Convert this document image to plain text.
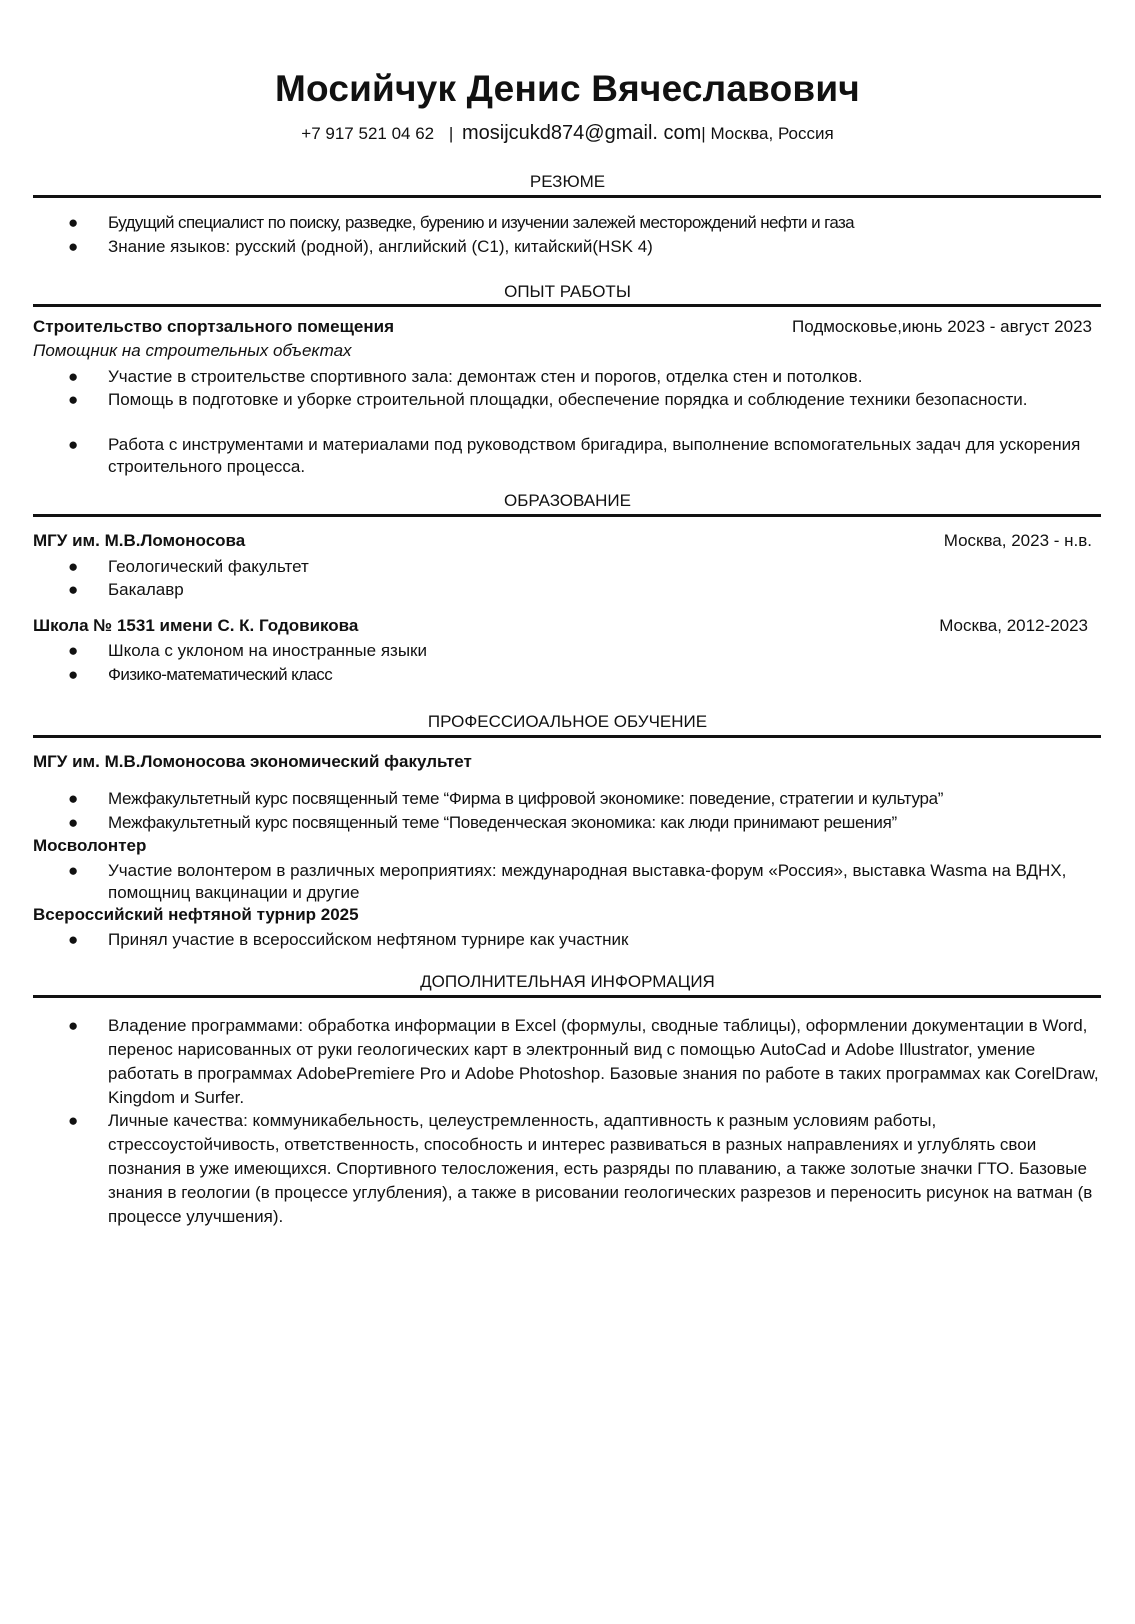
Мосийчук Денис Вячеславович
+7 917 521 04 62 | mosijcukd874@gmail. com| Москва, Россия
РЕЗЮМЕ
●	Будущий специалист по поиску, разведке, бурению и изучении залежей месторождений нефти и газа
●	Знание языков: русский (родной), английский (С1), китайский(HSK 4)
ОПЫТ РАБОТЫ
Строительство спортзального помещения	Подмосковье,июнь 2023 - август 2023
Помощник на строительных объектах
●	Участие в строительстве спортивного зала: демонтаж стен и порогов, отделка стен и потолков.
●	Помощь в подготовке и уборке строительной площадки, обеспечение порядка и соблюдение техники безопасности.
●	Работа с инструментами и материалами под руководством бригадира, выполнение вспомогательных задач для ускорения строительного процесса.
ОБРАЗОВАНИЕ
МГУ им. М.В.Ломоносова	Москва, 2023 - н.в.
●	Геологический факультет
●	Бакалавр
Школа № 1531 имени С. К. Годовикова	Москва, 2012-2023
●	Школа с уклоном на иностранные языки
●	Физико-математический класс
ПРОФЕССИОАЛЬНОЕ ОБУЧЕНИЕ
МГУ им. М.В.Ломоносова экономический факультет
●	Межфакультетный курс посвященный теме “Фирма в цифровой экономике: поведение, стратегии и культура”
●	Межфакультетный курс посвященный теме “Поведенческая экономика: как люди принимают решения”
Мосволонтер
●	Участие волонтером в различных мероприятиях: международная выставка-форум «Россия», выставка Wasma на ВДНХ, помощниц вакцинации и другие
Всероссийский нефтяной турнир 2025
●	Принял участие в всероссийском нефтяном турнире как участник
ДОПОЛНИТЕЛЬНАЯ ИНФОРМАЦИЯ
●	Владение программами: обработка информации в Excel (формулы, сводные таблицы), оформлении документации в Word, перенос нарисованных от руки геологических карт в электронный вид с помощью AutoCad и Adobe Illustrator, умение работать в программах AdobePremiere Pro и Adobe Photoshop. Базовые знания по работе в таких программах как CorelDraw, Kingdom и Surfer.
●	Личные качества: коммуникабельность, целеустремленность, адаптивность к разным условиям работы, стрессоустойчивость, ответственность, способность и интерес развиваться в разных направлениях и углублять свои познания в уже имеющихся. Спортивного телосложения, есть разряды по плаванию, а также золотые значки ГТО. Базовые знания в геологии (в процессе углубления), а также в рисовании геологических разрезов и переносить рисунок на ватман (в процессе улучшения).
